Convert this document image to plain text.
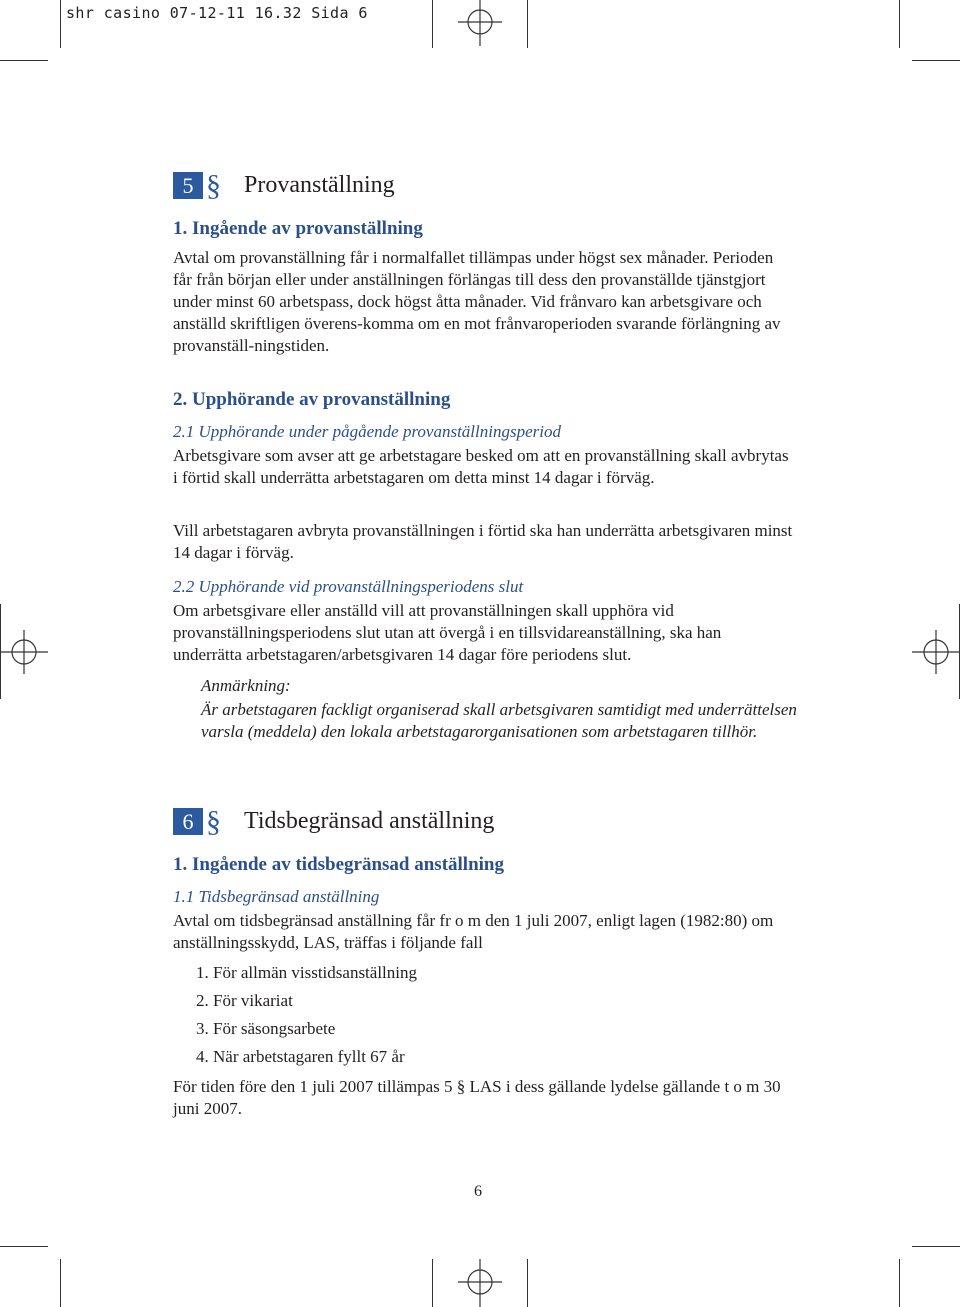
shr casino 07-12-11 16.32 Sida 6
5 § Provanställning

1. Ingående av provanställning

Avtal om provanställning får i normalfallet tillämpas under högst sex månader. Perioden får från början eller under anställningen förlängas till dess den provanställde tjänstgjort under minst 60 arbetspass, dock högst åtta månader. Vid frånvaro kan arbetsgivare och anställd skriftligen överens-komma om en mot frånvaroperioden svarande förlängning av provanställ-ningstiden.

2. Upphörande av provanställning

2.1 Upphörande under pågående provanställningsperiod

Arbetsgivare som avser att ge arbetstagare besked om att en provanställning skall avbrytas i förtid skall underrätta arbetstagaren om detta minst 14 dagar i förväg.

Vill arbetstagaren avbryta provanställningen i förtid ska han underrätta arbetsgivaren minst 14 dagar i förväg.

2.2 Upphörande vid provanställningsperiodens slut

Om arbetsgivare eller anställd vill att provanställningen skall upphöra vid provanställningsperiodens slut utan att övergå i en tillsvidareanställning, ska han underrätta arbetstagaren/arbetsgivaren 14 dagar före periodens slut.

Anmärkning:

Är arbetstagaren fackligt organiserad skall arbetsgivaren samtidigt med underrättelsen varsla (meddela) den lokala arbetstagarorganisationen som arbetstagaren tillhör.

6 § Tidsbegränsad anställning

1. Ingående av tidsbegränsad anställning

1.1 Tidsbegränsad anställning

Avtal om tidsbegränsad anställning får fr o m den 1 juli 2007, enligt lagen (1982:80) om anställningsskydd, LAS, träffas i följande fall

1. För allmän visstidsanställning
2. För vikariat
3. För säsongsarbete
4. När arbetstagaren fyllt 67 år

För tiden före den 1 juli 2007 tillämpas 5 § LAS i dess gällande lydelse gällande t o m 30 juni 2007.

6
